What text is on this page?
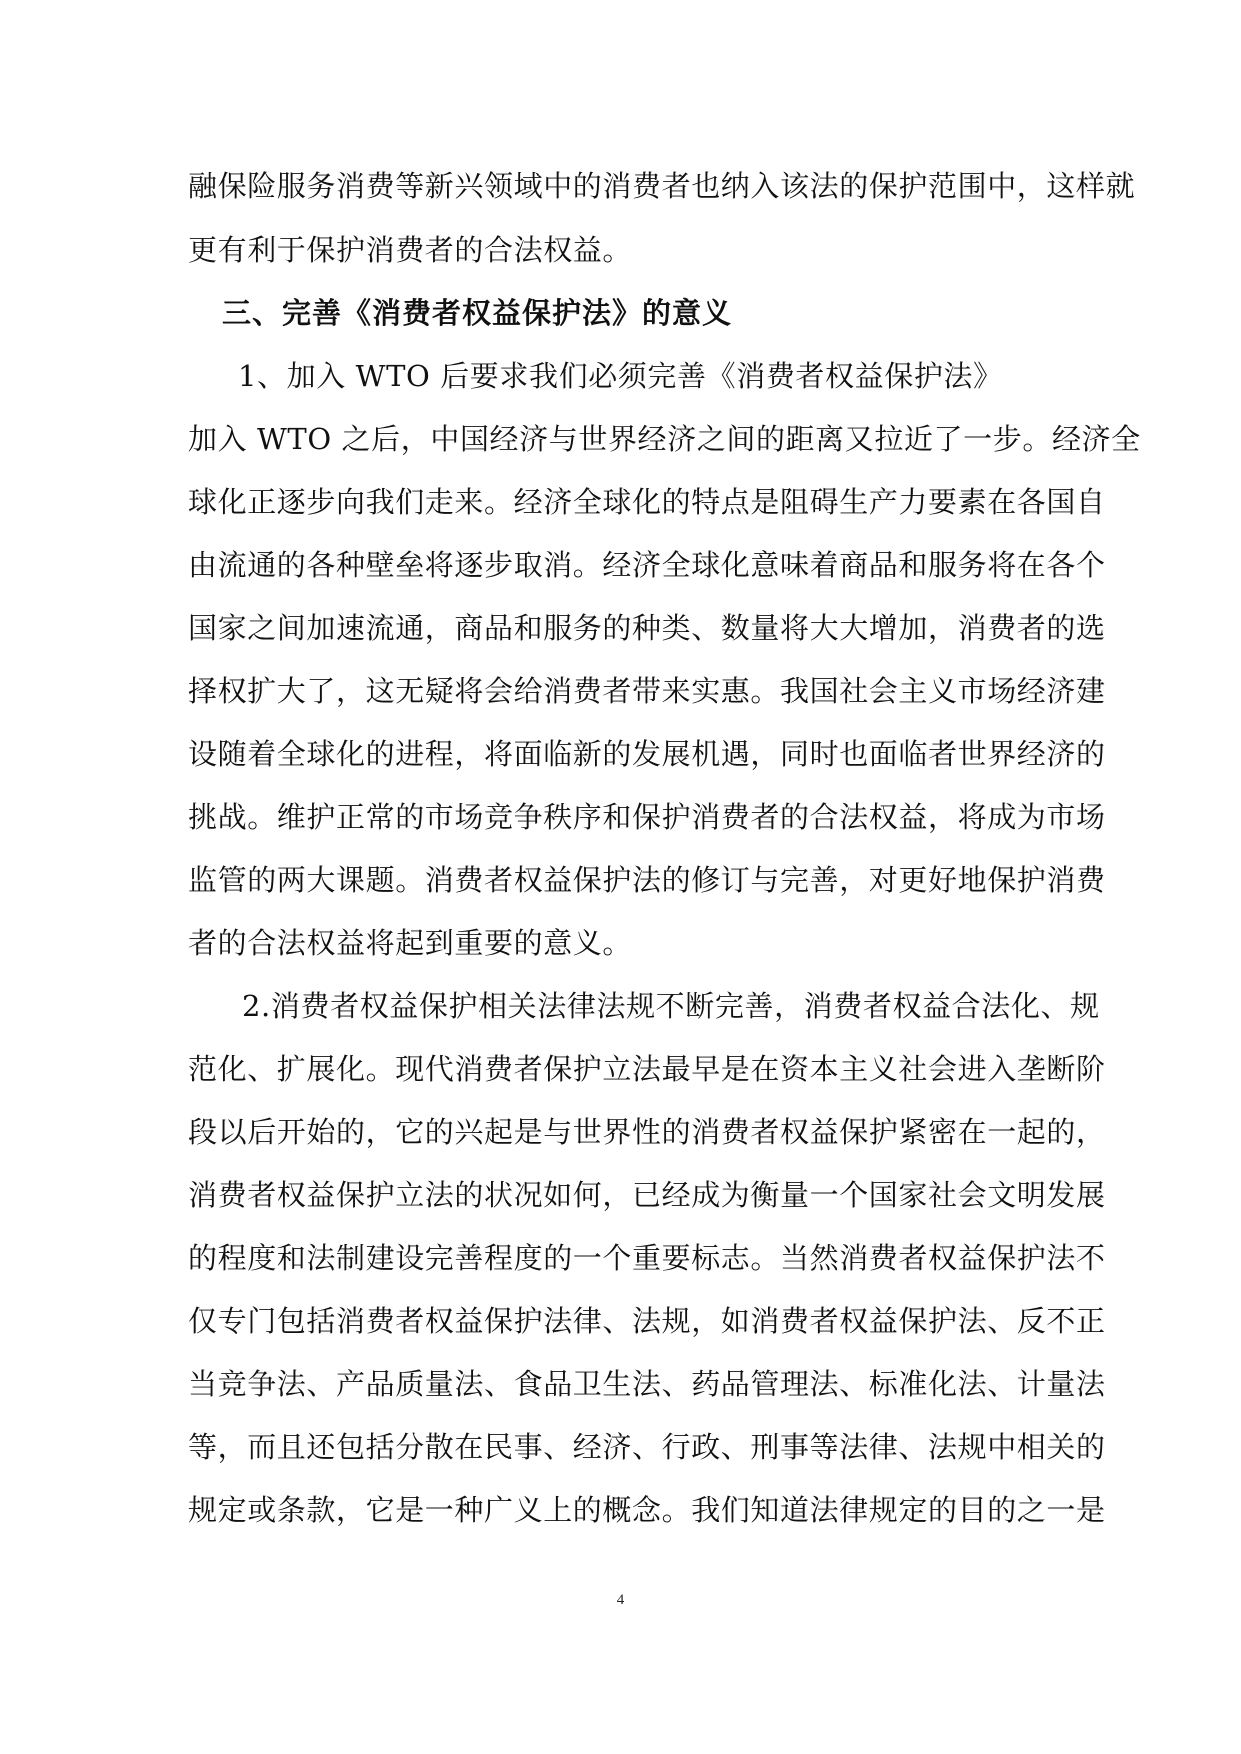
融保险服务消费等新兴领域中的消费者也纳入该法的保护范围中，这样就
更有利于保护消费者的合法权益。
三、完善《消费者权益保护法》的意义
1、加入 WTO 后要求我们必须完善《消费者权益保护法》
加入 WTO 之后，中国经济与世界经济之间的距离又拉近了一步。经济全
球化正逐步向我们走来。经济全球化的特点是阻碍生产力要素在各国自
由流通的各种壁垒将逐步取消。经济全球化意味着商品和服务将在各个
国家之间加速流通，商品和服务的种类、数量将大大增加，消费者的选
择权扩大了，这无疑将会给消费者带来实惠。我国社会主义市场经济建
设随着全球化的进程，将面临新的发展机遇，同时也面临者世界经济的
挑战。维护正常的市场竞争秩序和保护消费者的合法权益，将成为市场
监管的两大课题。消费者权益保护法的修订与完善，对更好地保护消费
者的合法权益将起到重要的意义。
2.消费者权益保护相关法律法规不断完善，消费者权益合法化、规
范化、扩展化。现代消费者保护立法最早是在资本主义社会进入垄断阶
段以后开始的，它的兴起是与世界性的消费者权益保护紧密在一起的，
消费者权益保护立法的状况如何，已经成为衡量一个国家社会文明发展
的程度和法制建设完善程度的一个重要标志。当然消费者权益保护法不
仅专门包括消费者权益保护法律、法规，如消费者权益保护法、反不正
当竞争法、产品质量法、食品卫生法、药品管理法、标准化法、计量法
等，而且还包括分散在民事、经济、行政、刑事等法律、法规中相关的
规定或条款，它是一种广义上的概念。我们知道法律规定的目的之一是
4
